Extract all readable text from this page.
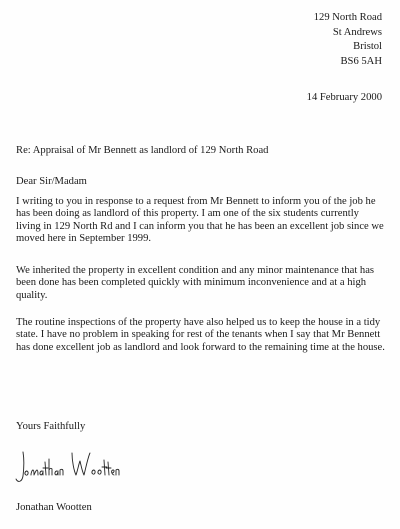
129 North Road
St Andrews
Bristol
BS6 5AH
14 February 2000
Re: Appraisal of Mr Bennett as landlord of 129 North Road
Dear Sir/Madam
I writing to you in response to a request from Mr Bennett to inform you of the job he has been doing as landlord of this property. I am one of the six students currently living in 129 North Rd and I can inform you that he has been an excellent job since we moved here in September 1999.
We inherited the property in excellent condition and any minor maintenance that has been done has been completed quickly with minimum inconvenience and at a high quality.
The routine inspections of the property have also helped us to keep the house in a tidy state. I have no problem in speaking for rest of the tenants when I say that Mr Bennett has done excellent job as landlord and look forward to the remaining time at the house.
Yours Faithfully
Jonathan Wootten
